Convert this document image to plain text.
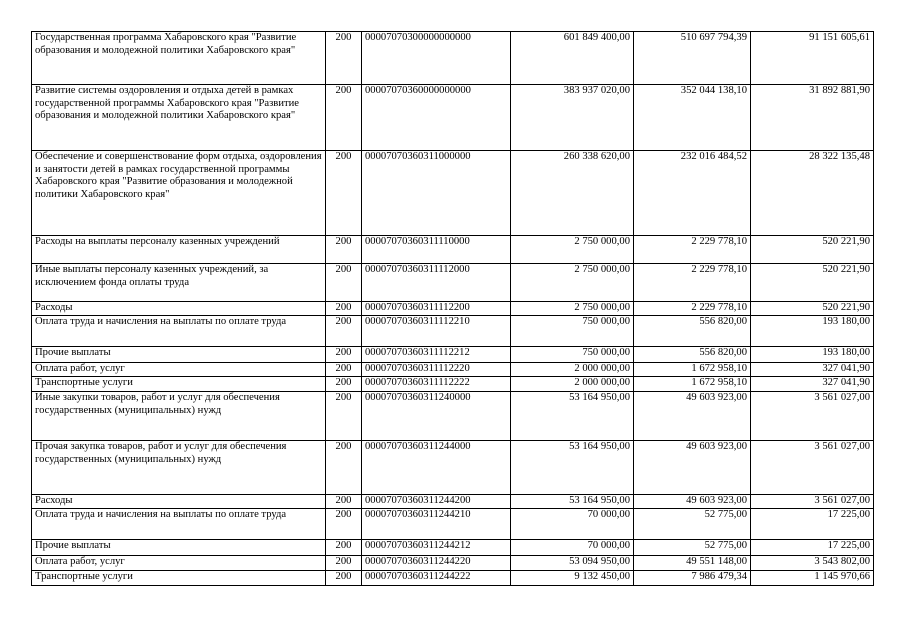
Государственная программа Хабаровского края "Развитие образования и молодежной политики Хабаровского края"	200	00007070300000000000	601 849 400,00	510 697 794,39	91 151 605,61
Развитие системы оздоровления и отдыха детей в рамках государственной программы Хабаровского края "Развитие образования и молодежной политики Хабаровского края"	200	00007070360000000000	383 937 020,00	352 044 138,10	31 892 881,90
Обеспечение и совершенствование форм отдыха, оздоровления и занятости детей в рамках государственной программы Хабаровского края "Развитие образования и молодежной политики Хабаровского края"	200	00007070360311000000	260 338 620,00	232 016 484,52	28 322 135,48
Расходы на выплаты персоналу казенных учреждений	200	00007070360311110000	2 750 000,00	2 229 778,10	520 221,90
Иные выплаты персоналу казенных учреждений, за исключением фонда оплаты труда	200	00007070360311112000	2 750 000,00	2 229 778,10	520 221,90
Расходы	200	00007070360311112200	2 750 000,00	2 229 778,10	520 221,90
Оплата труда и начисления на выплаты по оплате труда	200	00007070360311112210	750 000,00	556 820,00	193 180,00
Прочие выплаты	200	00007070360311112212	750 000,00	556 820,00	193 180,00
Оплата работ, услуг	200	00007070360311112220	2 000 000,00	1 672 958,10	327 041,90
Транспортные услуги	200	00007070360311112222	2 000 000,00	1 672 958,10	327 041,90
Иные закупки товаров, работ и услуг для обеспечения государственных (муниципальных) нужд	200	00007070360311240000	53 164 950,00	49 603 923,00	3 561 027,00
Прочая закупка товаров, работ и услуг для обеспечения государственных (муниципальных) нужд	200	00007070360311244000	53 164 950,00	49 603 923,00	3 561 027,00
Расходы	200	00007070360311244200	53 164 950,00	49 603 923,00	3 561 027,00
Оплата труда и начисления на выплаты по оплате труда	200	00007070360311244210	70 000,00	52 775,00	17 225,00
Прочие выплаты	200	00007070360311244212	70 000,00	52 775,00	17 225,00
Оплата работ, услуг	200	00007070360311244220	53 094 950,00	49 551 148,00	3 543 802,00
Транспортные услуги	200	00007070360311244222	9 132 450,00	7 986 479,34	1 145 970,66
